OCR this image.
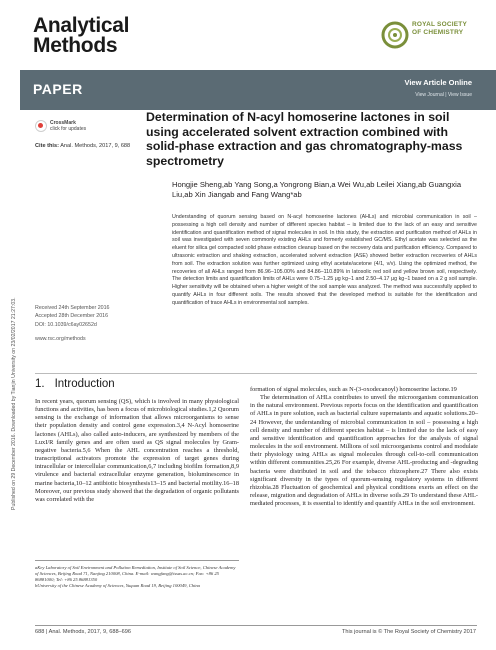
Analytical
Methods
ROYAL SOCIETY
OF CHEMISTRY
PAPER	View Article Online
View Journal | View Issue
Published on 29 December 2016. Downloaded by Tianjin University on 23/02/2017 21:27:03.
CrossMark
click for updates
Cite this: Anal. Methods, 2017, 9, 688
Determination of N-acyl homoserine lactones in soil using accelerated solvent extraction combined with solid-phase extraction and gas chromatography-mass spectrometry
Hongjie Sheng,ab Yang Song,a Yongrong Bian,a Wei Wu,ab Leilei Xiang,ab Guangxia Liu,ab Xin Jiangab and Fang Wang*ab
Understanding of quorum sensing based on N-acyl homoserine lactones (AHLs) and microbial communication in soil – possessing a high cell density and number of different species habitat – is limited due to the lack of an easy and sensitive identification and quantification method of signal molecules in soil. In this study, the extraction and purification method of AHLs in soil was investigated with seven commonly existing AHLs and formerly established GC/MS. Ethyl acetate was selected as the eluent for silica gel compacted solid phase extraction cleanup based on the recovery data and purification efficiency. Compared to ultrasonic extraction and shaking extraction, accelerated solvent extraction (ASE) showed better extraction recoveries of AHLs from soil. The extraction solution was further optimized using ethyl acetate/acetone (4/1, v/v). Using the optimized method, the recoveries of all AHLs ranged from 86.96–105.00% and 84.86–110.89% in latosolic red soil and yellow brown soil, respectively. The detection limits and quantification limits of AHLs were 0.75–1.25 μg kg−1 and 2.50–4.17 μg kg−1 based on a 2 g soil sample. Higher sensitivity will be obtained when a higher weight of the soil sample was analyzed. The method was successfully applied to quantify AHLs in four different soils. The results showed that the developed method is suitable for the identification and quantification of trace AHLs in environmental soil samples.
Received 24th September 2016
Accepted 28th December 2016
DOI: 10.1039/c6ay02652d
www.rsc.org/methods
1. Introduction

In recent years, quorum sensing (QS), which is involved in many physiological functions and activities, has been a focus of microbiological studies.1,2 Quorum sensing is the exchange of information that allows microorganisms to sense their population density and control gene expression.3,4 N-Acyl homoserine lactones (AHLs), also called auto-inducers, are synthesized by members of the LuxI/R family genes and are often used as QS signal molecules by Gram-negative bacteria.5,6 When the AHL concentration reaches a threshold, transcriptional activators promote the expression of target genes during intracellular or intercellular communication,6,7 including biofilm formation,8,9 virulence and bacterial extracellular enzyme generation, bioluminescence in marine bacteria,10–12 antibiotic biosynthesis13–15 and bacterial motility.16–18 Moreover, our previous study showed that the degradation of organic pollutants was correlated with the

aKey Laboratory of Soil Environment and Pollution Remediation, Institute of Soil Science, Chinese Academy of Sciences, Beijing Road 71, Nanjing 210008, China. E-mail: wangfang@issas.ac.cn; Fax: +86 25 86881000; Tel: +86 25 86881350
bUniversity of the Chinese Academy of Sciences, Yuquan Road 19, Beijing 100049, China

formation of signal molecules, such as N-(3-oxodecanoyl) homoserine lactone.19

The determination of AHLs contributes to unveil the microorganism communication in the natural environment. Previous reports focus on the identification and quantification of AHLs in pure solution, such as bacterial culture supernatants and aquatic solutions.20–24 However, the understanding of microbial communication in soil – possessing a high cell density and number of different species habitat – is limited due to the lack of easy and sensitive identification and quantification approaches for the analysis of signal molecules in the soil environment. Millions of soil microorganisms control and modulate their physiology using AHLs as signal molecules through cell-to-cell communication within different communities.25,26 For example, diverse AHL-producing and -degrading bacteria were distributed in soil and the tobacco rhizosphere.27 There also exists significant diversity in the types of quorum-sensing regulatory systems in different rhizobia.28 Fluctuation of geochemical and physical conditions exerts an effect on the release, migration and degradation of AHLs in diverse soils.29 To understand these AHL-mediated processes, it is essential to identify and quantify AHLs in the soil environment.

688 | Anal. Methods, 2017, 9, 688–696	This journal is © The Royal Society of Chemistry 2017
